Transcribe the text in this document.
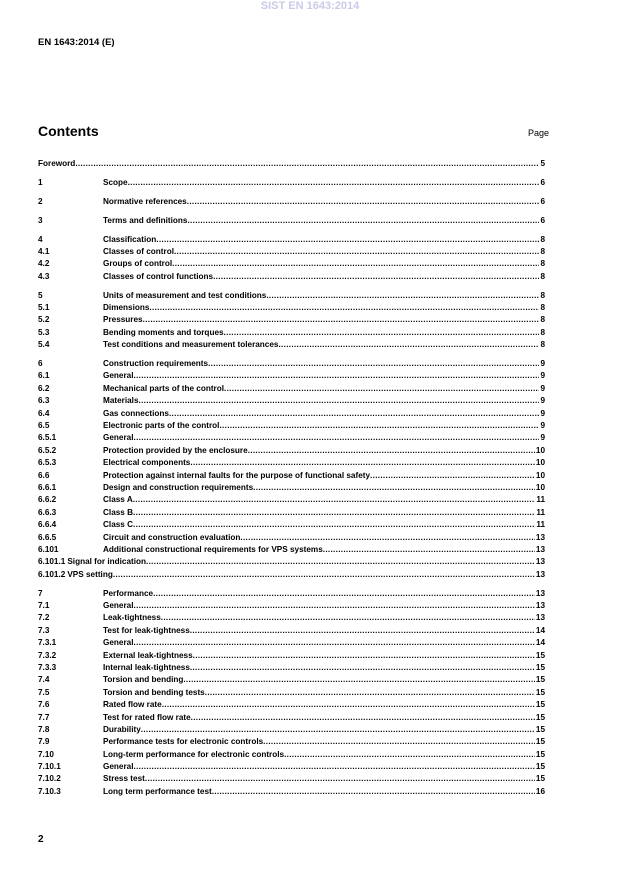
SIST EN 1643:2014
EN 1643:2014 (E)
Contents	Page
Foreword .....	5
1	Scope .....	6
2	Normative references .....	6
3	Terms and definitions .....	6
4	Classification .....	8
4.1	Classes of control .....	8
4.2	Groups of control .....	8
4.3	Classes of control functions .....	8
5	Units of measurement and test conditions .....	8
5.1	Dimensions .....	8
5.2	Pressures .....	8
5.3	Bending moments and torques .....	8
5.4	Test conditions and measurement tolerances .....	8
6	Construction requirements .....	9
6.1	General .....	9
6.2	Mechanical parts of the control .....	9
6.3	Materials .....	9
6.4	Gas connections .....	9
6.5	Electronic parts of the control .....	9
6.5.1	General .....	9
6.5.2	Protection provided by the enclosure .....	10
6.5.3	Electrical components .....	10
6.6	Protection against internal faults for the purpose of functional safety .....	10
6.6.1	Design and construction requirements .....	10
6.6.2	Class A .....	11
6.6.3	Class B .....	11
6.6.4	Class C .....	11
6.6.5	Circuit and construction evaluation .....	13
6.101	Additional constructional requirements for VPS systems .....	13
6.101.1 Signal for indication .....	13
6.101.2 VPS setting .....	13
7	Performance .....	13
7.1	General .....	13
7.2	Leak-tightness .....	13
7.3	Test for leak-tightness .....	14
7.3.1	General .....	14
7.3.2	External leak-tightness .....	15
7.3.3	Internal leak-tightness .....	15
7.4	Torsion and bending .....	15
7.5	Torsion and bending tests .....	15
7.6	Rated flow rate .....	15
7.7	Test for rated flow rate .....	15
7.8	Durability .....	15
7.9	Performance tests for electronic controls .....	15
7.10	Long-term performance for electronic controls .....	15
7.10.1	General .....	15
7.10.2	Stress test .....	15
7.10.3	Long term performance test .....	16
2
